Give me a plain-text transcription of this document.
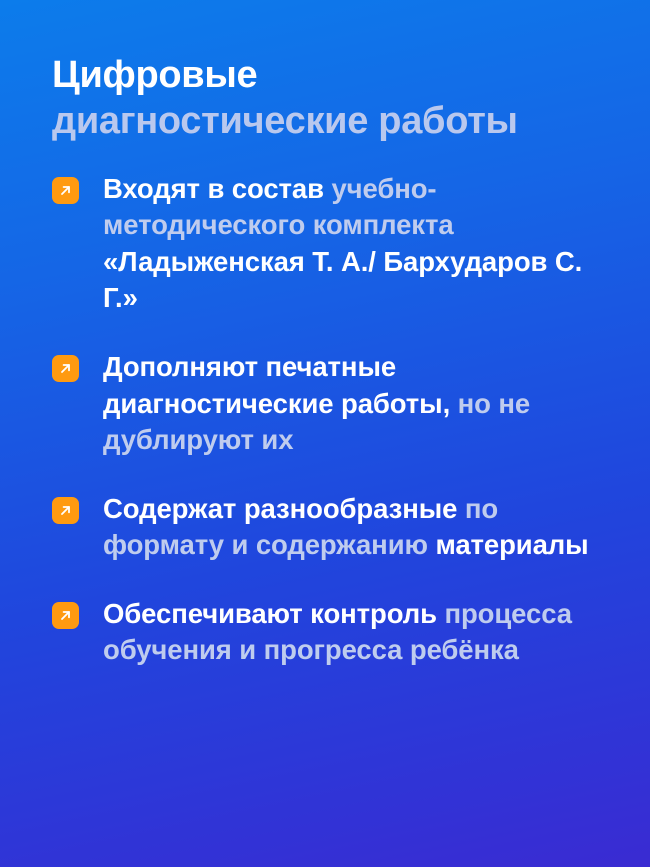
Цифровые
диагностические работы

Входят в состав учебно-методического комплекта «Ладыженская Т. А./ Бархударов С. Г.»

Дополняют печатные диагностические работы, но не дублируют их

Содержат разнообразные по формату и содержанию материалы

Обеспечивают контроль процесса обучения и прогресса ребёнка
